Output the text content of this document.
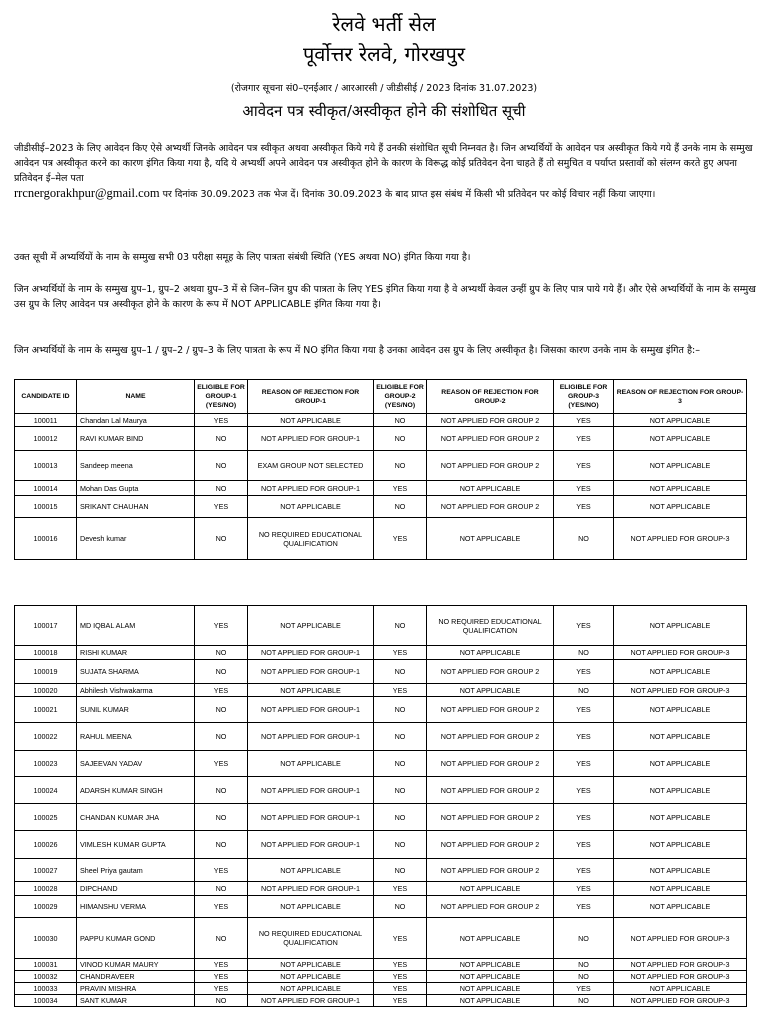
रेलवे भर्ती सेल
पूर्वोत्तर रेलवे, गोरखपुर
(रोजगार सूचना सं0–एनईआर / आरआरसी / जीडीसीई / 2023 दिनांक 31.07.2023)
आवेदन पत्र स्वीकृत/अस्वीकृत होने की संशोधित सूची
जीडीसीई–2023 के लिए आवेदन किए ऐसे अभ्यर्थी जिनके आवेदन पत्र स्वीकृत अथवा अस्वीकृत किये गये हैं उनकी संशोधित सूची निम्नवत है। जिन अभ्यर्थियों के आवेदन पत्र अस्वीकृत किये गये हैं उनके नाम के सम्मुख आवेदन पत्र अस्वीकृत करने का कारण इंगित किया गया है, यदि ये अभ्यर्थी अपने आवेदन पत्र अस्वीकृत होने के कारण के विरूद्ध कोई प्रतिवेदन देना चाहते हैं तो समुचित व पर्याप्त प्रस्तावों को संलग्न करते हुए अपना प्रतिवेदन ई–मेल पता
rrcnergorakhpur@gmail.com पर दिनांक 30.09.2023 तक भेज दें। दिनांक 30.09.2023 के बाद प्राप्त इस संबंध में किसी भी प्रतिवेदन पर कोई विचार नहीं किया जाएगा।
उक्त सूची में अभ्यर्थियों के नाम के सम्मुख सभी 03 परीक्षा समूह के लिए पात्रता संबंधी स्थिति (YES अथवा NO) इंगित किया गया है।
जिन अभ्यर्थियों के नाम के सम्मुख ग्रुप–1, ग्रुप–2 अथवा ग्रुप–3 में से जिन–जिन ग्रुप की पात्रता के लिए YES इंगित किया गया है वे अभ्यर्थी केवल उन्हीं ग्रुप के लिए पात्र पाये गये हैं। और ऐसे अभ्यर्थियों के नाम के सम्मुख उस ग्रुप के लिए आवेदन पत्र अस्वीकृत होने के कारण के रूप में NOT APPLICABLE इंगित किया गया है।
जिन अभ्यर्थियों के नाम के सम्मुख ग्रुप–1 / ग्रुप–2 / ग्रुप–3 के लिए पात्रता के रूप में NO इंगित किया गया है उनका आवेदन उस ग्रुप के लिए अस्वीकृत है। जिसका कारण उनके नाम के सम्मुख इंगित है:–
CANDIDATE ID	NAME	ELIGIBLE FOR GROUP-1 (YES/NO)	REASON OF REJECTION FOR GROUP-1	ELIGIBLE FOR GROUP-2 (YES/NO)	REASON OF REJECTION FOR GROUP-2	ELIGIBLE FOR GROUP-3 (YES/NO)	REASON OF REJECTION FOR GROUP-3
100011	Chandan Lal Maurya	YES	NOT APPLICABLE	NO	NOT APPLIED FOR GROUP 2	YES	NOT APPLICABLE
100012	RAVI KUMAR BIND	NO	NOT APPLIED FOR GROUP-1	NO	NOT APPLIED FOR GROUP 2	YES	NOT APPLICABLE
100013	Sandeep meena	NO	EXAM GROUP NOT SELECTED	NO	NOT APPLIED FOR GROUP 2	YES	NOT APPLICABLE
100014	Mohan Das Gupta	NO	NOT APPLIED FOR GROUP-1	YES	NOT APPLICABLE	YES	NOT APPLICABLE
100015	SRIKANT CHAUHAN	YES	NOT APPLICABLE	NO	NOT APPLIED FOR GROUP 2	YES	NOT APPLICABLE
100016	Devesh kumar	NO	NO REQUIRED EDUCATIONAL QUALIFICATION	YES	NOT APPLICABLE	NO	NOT APPLIED FOR GROUP-3
100017	MD IQBAL ALAM	YES	NOT APPLICABLE	NO	NO REQUIRED EDUCATIONAL QUALIFICATION	YES	NOT APPLICABLE
100018	RISHI KUMAR	NO	NOT APPLIED FOR GROUP-1	YES	NOT APPLICABLE	NO	NOT APPLIED FOR GROUP-3
100019	SUJATA SHARMA	NO	NOT APPLIED FOR GROUP-1	NO	NOT APPLIED FOR GROUP 2	YES	NOT APPLICABLE
100020	Abhilesh Vishwakarma	YES	NOT APPLICABLE	YES	NOT APPLICABLE	NO	NOT APPLIED FOR GROUP-3
100021	SUNIL KUMAR	NO	NOT APPLIED FOR GROUP-1	NO	NOT APPLIED FOR GROUP 2	YES	NOT APPLICABLE
100022	RAHUL MEENA	NO	NOT APPLIED FOR GROUP-1	NO	NOT APPLIED FOR GROUP 2	YES	NOT APPLICABLE
100023	SAJEEVAN YADAV	YES	NOT APPLICABLE	NO	NOT APPLIED FOR GROUP 2	YES	NOT APPLICABLE
100024	ADARSH KUMAR SINGH	NO	NOT APPLIED FOR GROUP-1	NO	NOT APPLIED FOR GROUP 2	YES	NOT APPLICABLE
100025	CHANDAN KUMAR JHA	NO	NOT APPLIED FOR GROUP-1	NO	NOT APPLIED FOR GROUP 2	YES	NOT APPLICABLE
100026	VIMLESH KUMAR GUPTA	NO	NOT APPLIED FOR GROUP-1	NO	NOT APPLIED FOR GROUP 2	YES	NOT APPLICABLE
100027	Sheel Priya gautam	YES	NOT APPLICABLE	NO	NOT APPLIED FOR GROUP 2	YES	NOT APPLICABLE
100028	DIPCHAND	NO	NOT APPLIED FOR GROUP-1	YES	NOT APPLICABLE	YES	NOT APPLICABLE
100029	HIMANSHU VERMA	YES	NOT APPLICABLE	NO	NOT APPLIED FOR GROUP 2	YES	NOT APPLICABLE
100030	PAPPU KUMAR GOND	NO	NO REQUIRED EDUCATIONAL QUALIFICATION	YES	NOT APPLICABLE	NO	NOT APPLIED FOR GROUP-3
100031	VINOD KUMAR MAURY	YES	NOT APPLICABLE	YES	NOT APPLICABLE	NO	NOT APPLIED FOR GROUP-3
100032	CHANDRAVEER	YES	NOT APPLICABLE	YES	NOT APPLICABLE	NO	NOT APPLIED FOR GROUP-3
100033	PRAVIN MISHRA	YES	NOT APPLICABLE	YES	NOT APPLICABLE	YES	NOT APPLICABLE
100034	SANT KUMAR	NO	NOT APPLIED FOR GROUP-1	YES	NOT APPLICABLE	NO	NOT APPLIED FOR GROUP-3
